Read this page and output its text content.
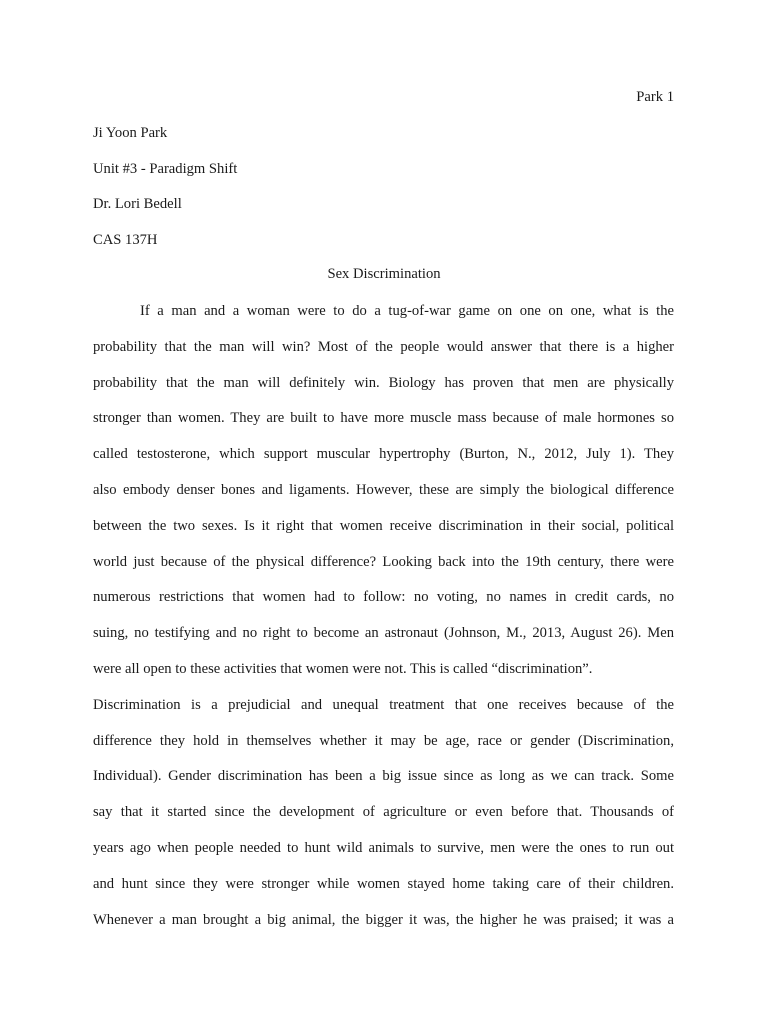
Park 1
Ji Yoon Park
Unit #3 - Paradigm Shift
Dr. Lori Bedell
CAS 137H
Sex Discrimination
If a man and a woman were to do a tug-of-war game on one on one, what is the
probability that the man will win? Most of the people would answer that there is a higher
probability that the man will definitely win. Biology has proven that men are physically
stronger than women. They are built to have more muscle mass because of male hormones so
called testosterone, which support muscular hypertrophy (Burton, N., 2012, July 1). They
also embody denser bones and ligaments. However, these are simply the biological difference
between the two sexes. Is it right that women receive discrimination in their social, political
world just because of the physical difference? Looking back into the 19th century, there were
numerous restrictions that women had to follow: no voting, no names in credit cards, no
suing, no testifying and no right to become an astronaut (Johnson, M., 2013, August 26). Men
were all open to these activities that women were not. This is called “discrimination”.
Discrimination is a prejudicial and unequal treatment that one receives because of the
difference they hold in themselves whether it may be age, race or gender (Discrimination,
Individual). Gender discrimination has been a big issue since as long as we can track. Some
say that it started since the development of agriculture or even before that. Thousands of
years ago when people needed to hunt wild animals to survive, men were the ones to run out
and hunt since they were stronger while women stayed home taking care of their children.
Whenever a man brought a big animal, the bigger it was, the higher he was praised; it was a
